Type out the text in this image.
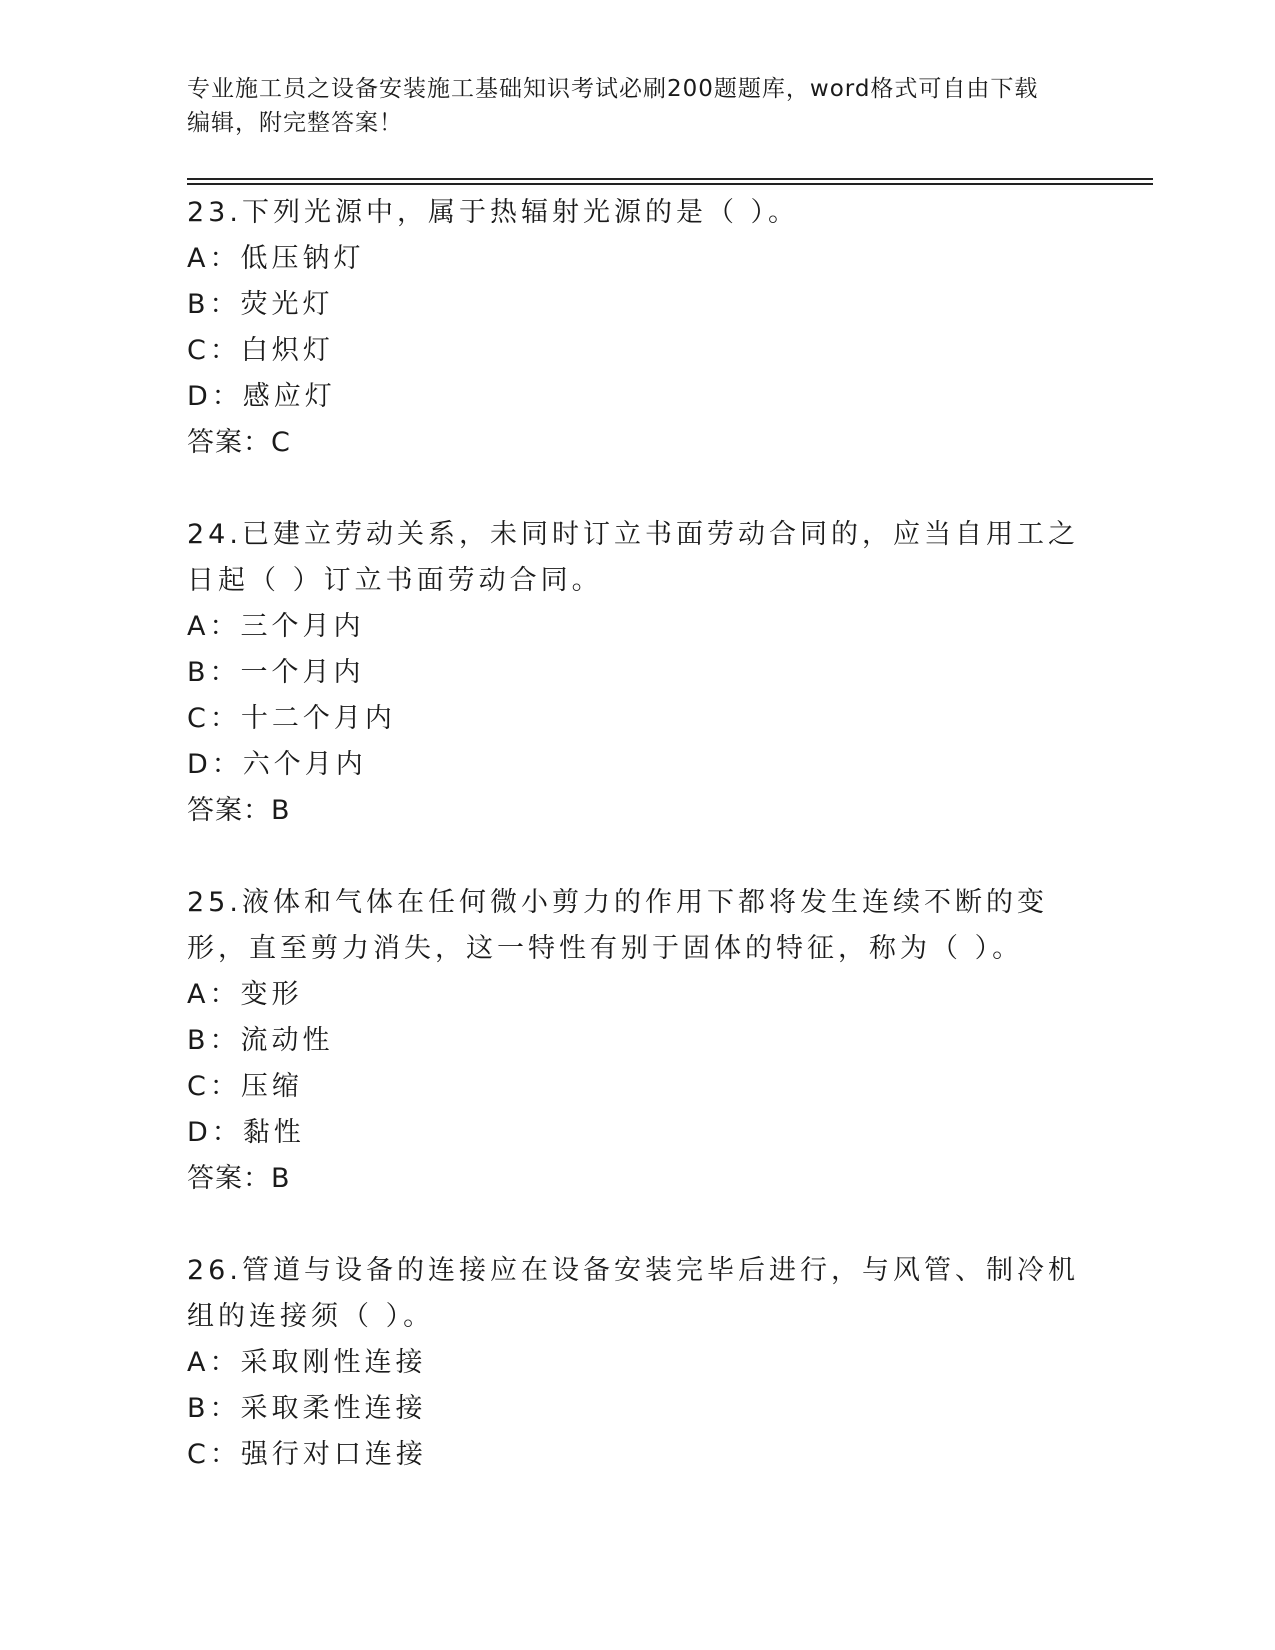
专业施工员之设备安装施工基础知识考试必刷200题题库，word格式可自由下载
编辑，附完整答案！
23.下列光源中，属于热辐射光源的是（ ）。
A：低压钠灯
B：荧光灯
C：白炽灯
D：感应灯
答案：C
24.已建立劳动关系，未同时订立书面劳动合同的，应当自用工之日起（ ）订立书面劳动合同。
A：三个月内
B：一个月内
C：十二个月内
D：六个月内
答案：B
25.液体和气体在任何微小剪力的作用下都将发生连续不断的变形，直至剪力消失，这一特性有别于固体的特征，称为（ ）。
A：变形
B：流动性
C：压缩
D：黏性
答案：B
26.管道与设备的连接应在设备安装完毕后进行，与风管、制冷机组的连接须（ ）。
A：采取刚性连接
B：采取柔性连接
C：强行对口连接
